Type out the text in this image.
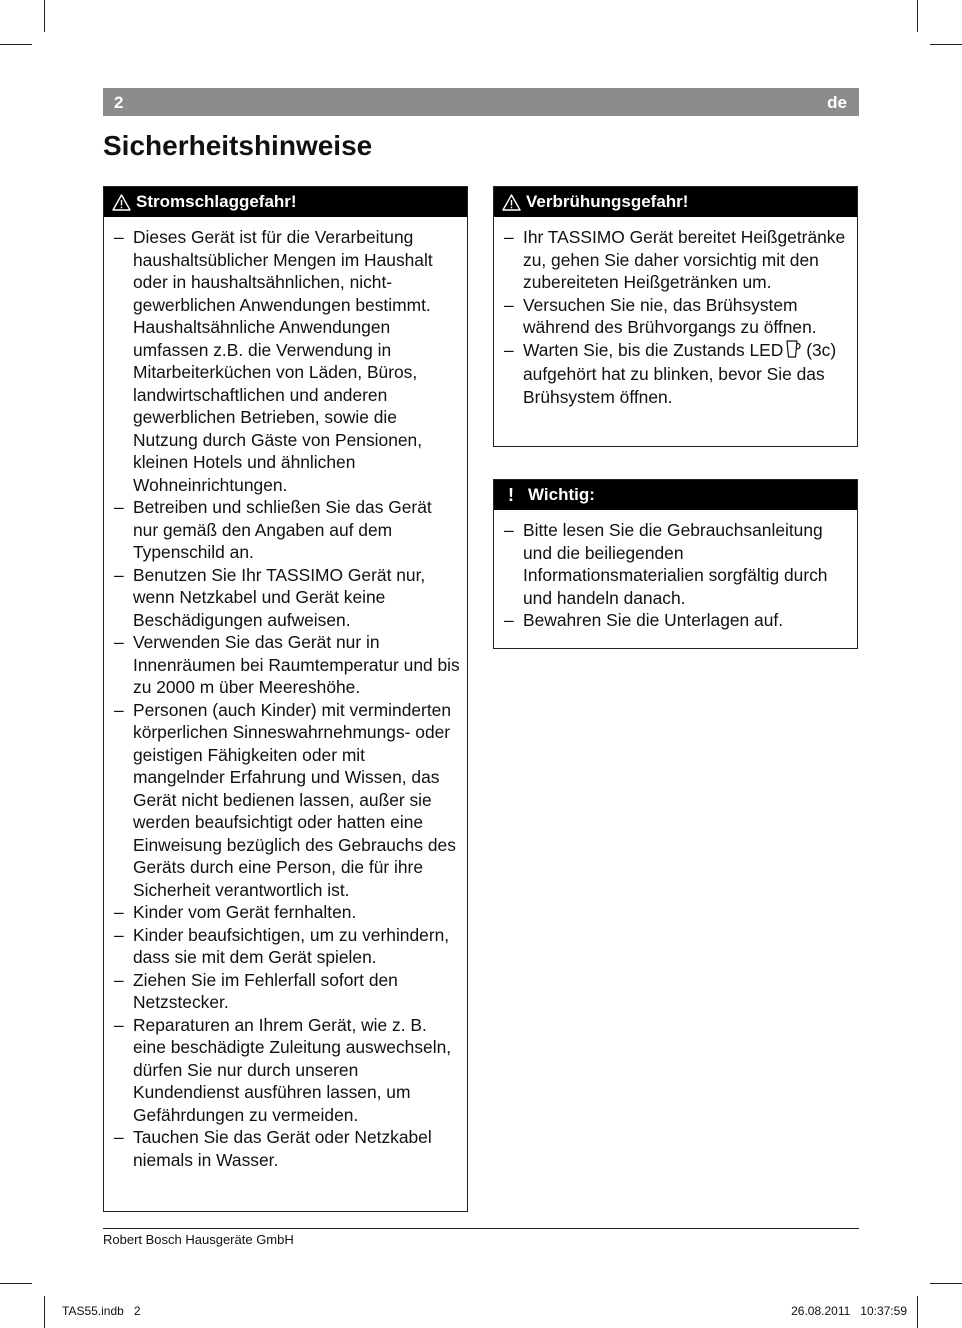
2	de
Sicherheitshinweise
Stromschlaggefahr!
– Dieses Gerät ist für die Verarbeitung haushaltsüblicher Mengen im Haushalt oder in haushaltsähnlichen, nicht-gewerblichen Anwendungen bestimmt. Haushaltsähnliche Anwendungen umfassen z.B. die Verwendung in Mitarbeiterküchen von Läden, Büros, landwirtschaftlichen und anderen gewerblichen Betrieben, sowie die Nutzung durch Gäste von Pensionen, kleinen Hotels und ähnlichen Wohneinrichtungen.
– Betreiben und schließen Sie das Gerät nur gemäß den Angaben auf dem Typenschild an.
– Benutzen Sie Ihr TASSIMO Gerät nur, wenn Netzkabel und Gerät keine Beschädigungen aufweisen.
– Verwenden Sie das Gerät nur in Innenräumen bei Raumtemperatur und bis zu 2000 m über Meereshöhe.
– Personen (auch Kinder) mit verminderten körperlichen Sinneswahrnehmungs- oder geistigen Fähigkeiten oder mit mangelnder Erfahrung und Wissen, das Gerät nicht bedienen lassen, außer sie werden beaufsichtigt oder hatten eine Einweisung bezüglich des Gebrauchs des Geräts durch eine Person, die für ihre Sicherheit verantwortlich ist.
– Kinder vom Gerät fernhalten.
– Kinder beaufsichtigen, um zu verhindern, dass sie mit dem Gerät spielen.
– Ziehen Sie im Fehlerfall sofort den Netzstecker.
– Reparaturen an Ihrem Gerät, wie z. B. eine beschädigte Zuleitung auswechseln, dürfen Sie nur durch unseren Kundendienst ausführen lassen, um Gefährdungen zu vermeiden.
– Tauchen Sie das Gerät oder Netzkabel niemals in Wasser.
Verbrühungsgefahr!
– Ihr TASSIMO Gerät bereitet Heißgetränke zu, gehen Sie daher vorsichtig mit den zubereiteten Heißgetränken um.
– Versuchen Sie nie, das Brühsystem während des Brühvorgangs zu öffnen.
– Warten Sie, bis die Zustands LED (3c) aufgehört hat zu blinken, bevor Sie das Brühsystem öffnen.
! Wichtig:
– Bitte lesen Sie die Gebrauchsanleitung und die beiliegenden Informationsmaterialien sorgfältig durch und handeln danach.
– Bewahren Sie die Unterlagen auf.
Robert Bosch Hausgeräte GmbH
TAS55.indb   2	26.08.2011   10:37:59
